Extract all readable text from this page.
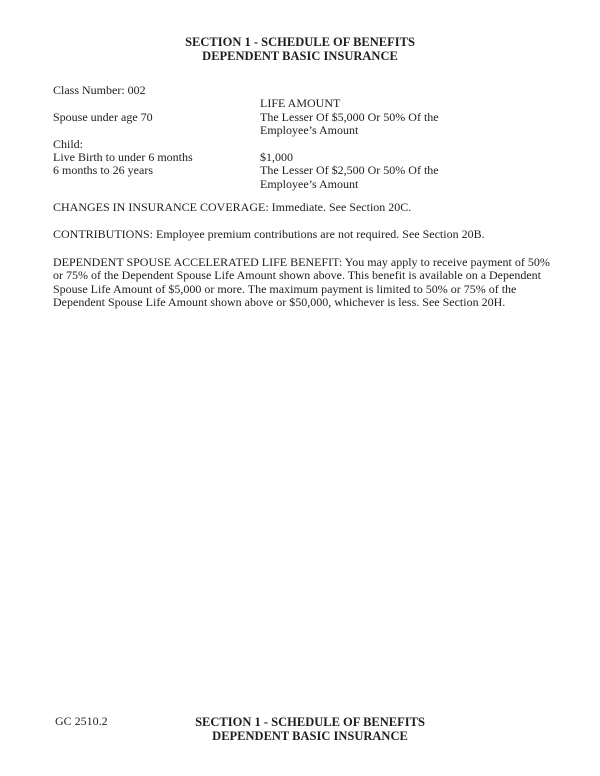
SECTION 1 - SCHEDULE OF BENEFITS
DEPENDENT BASIC INSURANCE
Class Number: 002
LIFE AMOUNT
Spouse under age 70	The Lesser Of $5,000 Or 50% Of the Employee’s Amount
Child:
Live Birth to under 6 months	$1,000
6 months to 26 years	The Lesser Of $2,500 Or 50% Of the Employee’s Amount

CHANGES IN INSURANCE COVERAGE: Immediate. See Section 20C.

CONTRIBUTIONS: Employee premium contributions are not required. See Section 20B.

DEPENDENT SPOUSE ACCELERATED LIFE BENEFIT: You may apply to receive payment of 50% or 75% of the Dependent Spouse Life Amount shown above. This benefit is available on a Dependent Spouse Life Amount of $5,000 or more. The maximum payment is limited to 50% or 75% of the Dependent Spouse Life Amount shown above or $50,000, whichever is less. See Section 20H.

GC 2510.2	SECTION 1 - SCHEDULE OF BENEFITS
DEPENDENT BASIC INSURANCE
